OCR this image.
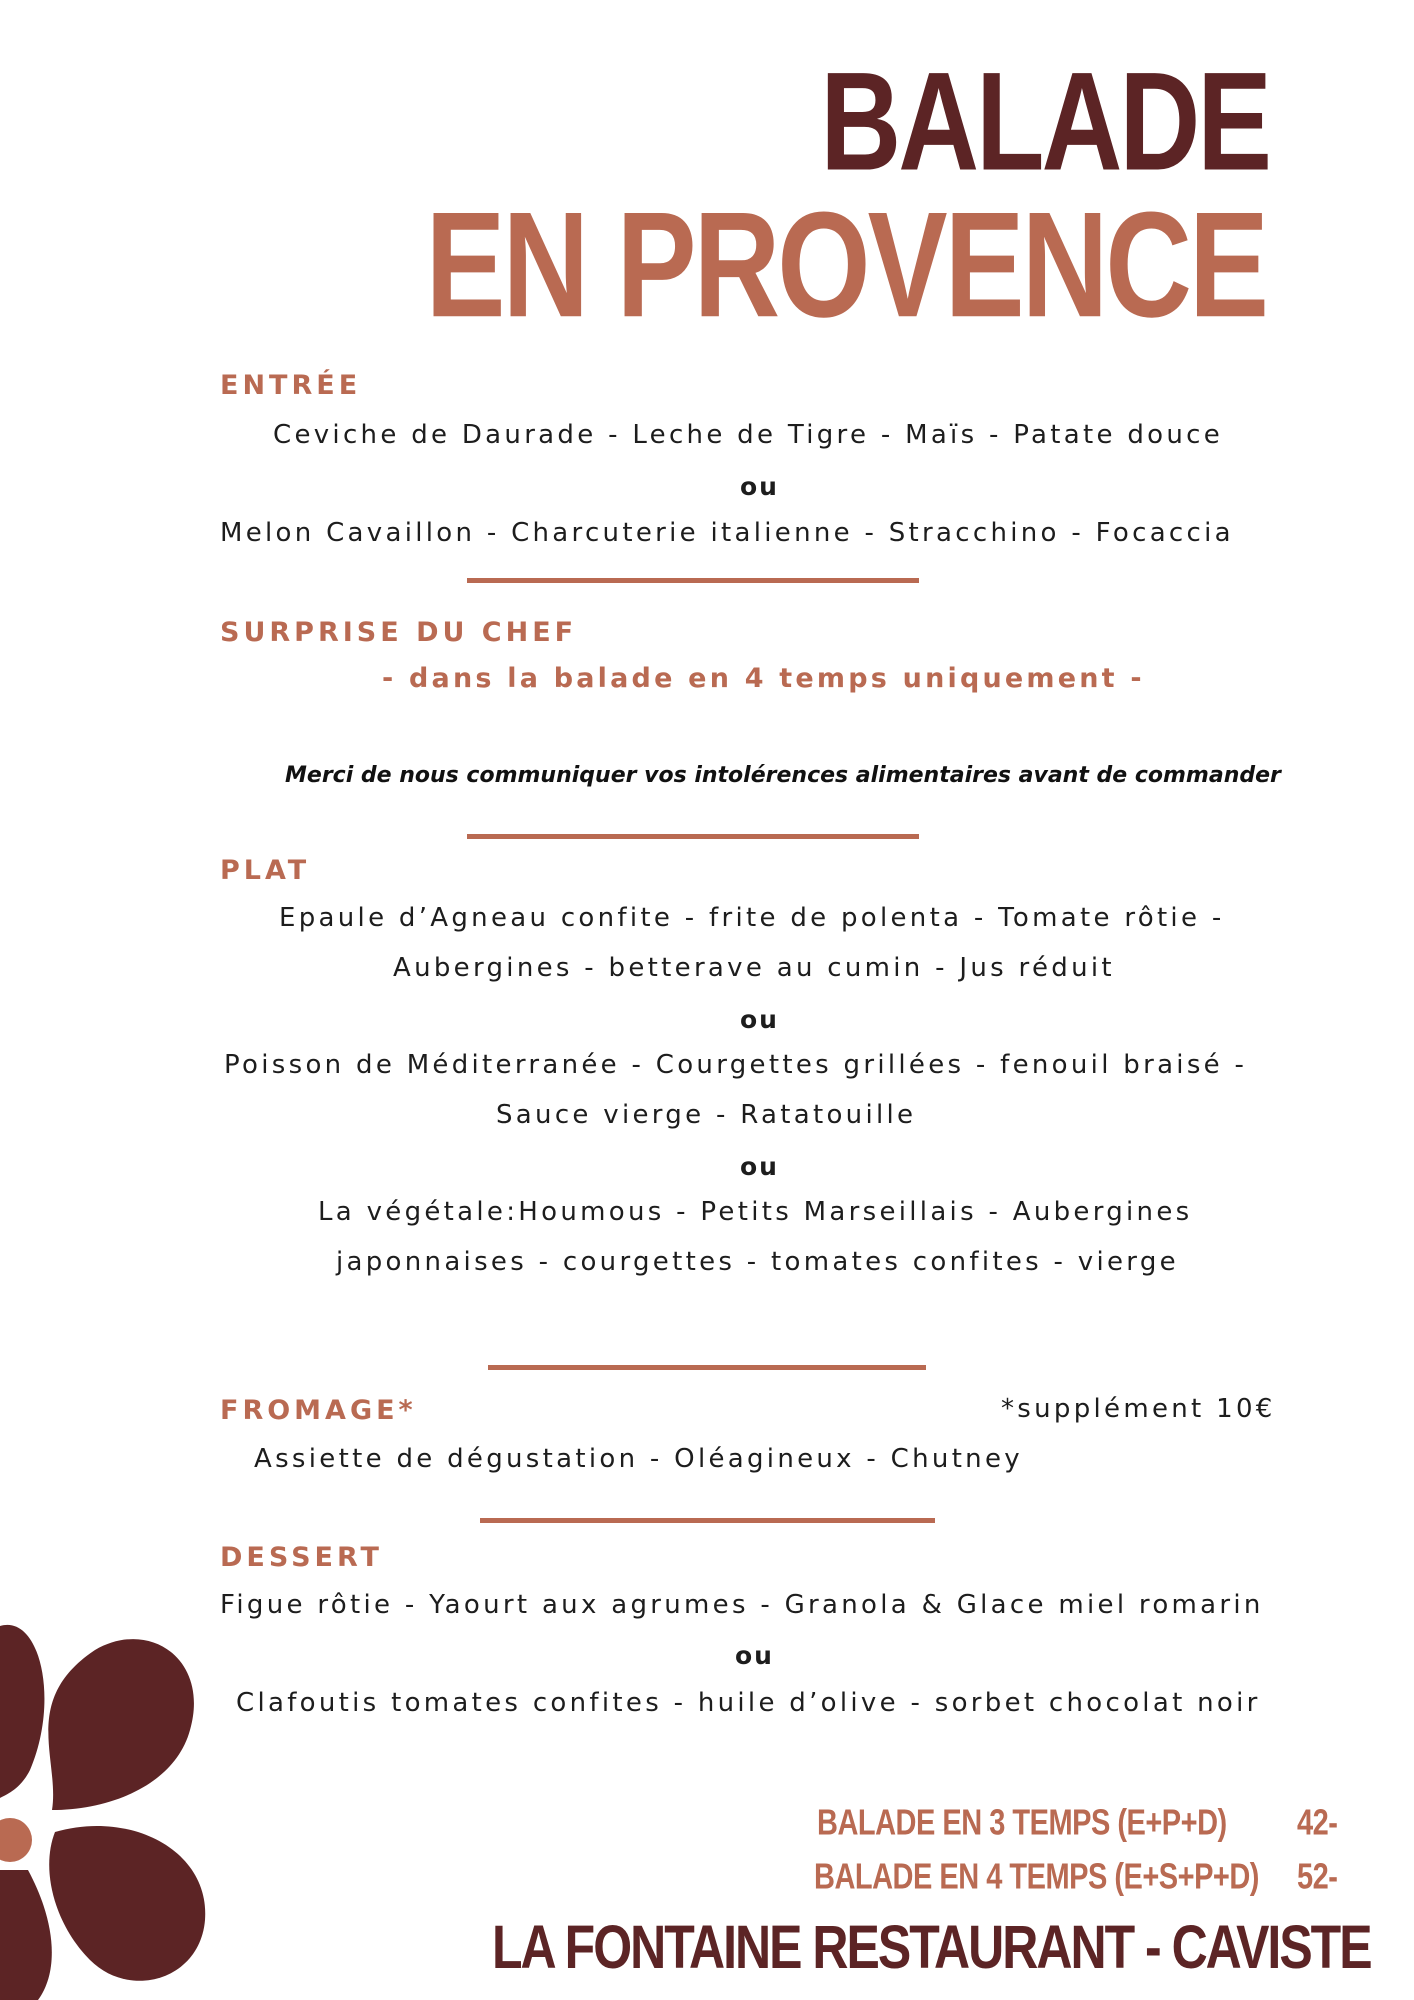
BALADE
EN PROVENCE
ENTRÉE

Ceviche de Daurade - Leche de Tigre - Maïs - Patate douce

ou

Melon Cavaillon - Charcuterie italienne - Stracchino - Focaccia

SURPRISE DU CHEF
- dans la balade en 4 temps uniquement -
Merci de nous communiquer vos intolérences alimentaires avant de commander
PLAT

Epaule d’Agneau confite - frite de polenta - Tomate rôtie -

Aubergines - betterave au cumin - Jus réduit

ou

Poisson de Méditerranée - Courgettes grillées - fenouil braisé -

Sauce vierge - Ratatouille

ou

La végétale:Houmous - Petits Marseillais - Aubergines

japonnaises - courgettes - tomates confites - vierge

FROMAGE*	*supplément 10€

Assiette de dégustation - Oléagineux - Chutney

DESSERT

Figue rôtie - Yaourt aux agrumes - Granola & Glace miel romarin

ou

Clafoutis tomates confites - huile d’olive - sorbet chocolat noir

BALADE EN 3 TEMPS (E+P+D) 42-
BALADE EN 4 TEMPS (E+S+P+D) 52-
LA FONTAINE RESTAURANT - CAVISTE
